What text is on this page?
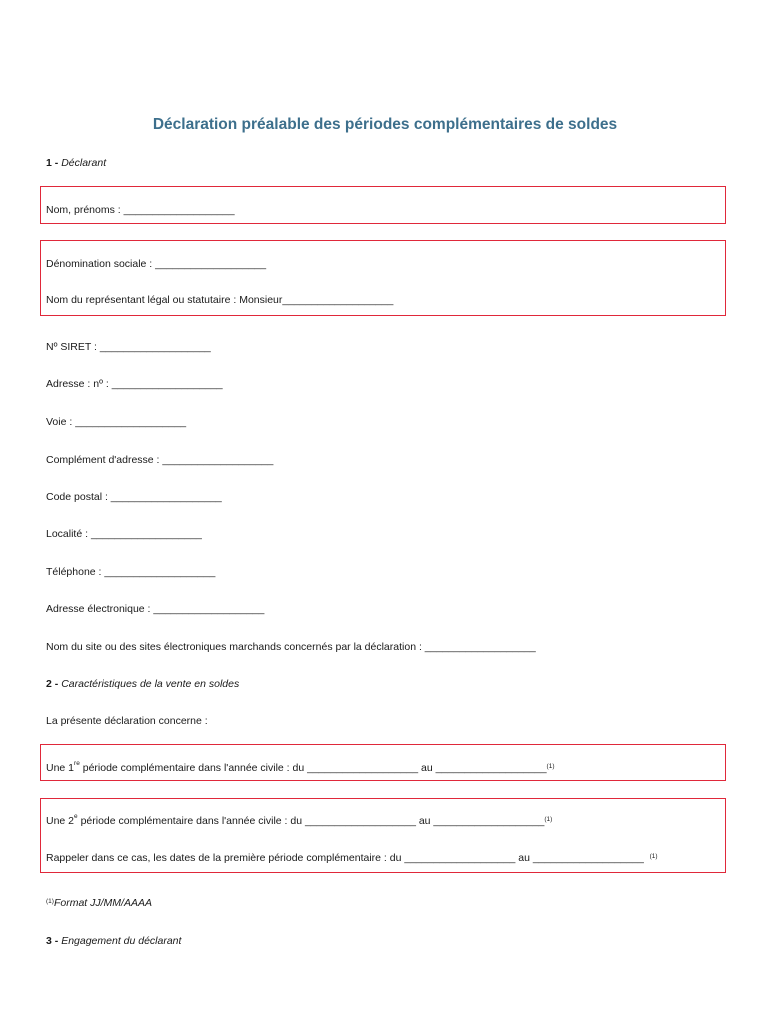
Déclaration préalable des périodes complémentaires de soldes
1 - Déclarant
Nom, prénoms : ___________________
Dénomination sociale : ___________________
Nom du représentant légal ou statutaire : Monsieur___________________
Nº SIRET : ___________________
Adresse : nº : ___________________
Voie : ___________________
Complément d'adresse : ___________________
Code postal : ___________________
Localité : ___________________
Téléphone : ___________________
Adresse électronique : ___________________
Nom du site ou des sites électroniques marchands concernés par la déclaration : ___________________
2 - Caractéristiques de la vente en soldes
La présente déclaration concerne :
Une 1re période complémentaire dans l'année civile : du ___________________ au ___________________$^{(1)}$
Une 2e période complémentaire dans l'année civile : du ___________________ au ___________________$^{(1)}$
Rappeler dans ce cas, les dates de la première période complémentaire : du ___________________ au ___________________ $^{(1)}$
$^{(1)}$Format JJ/MM/AAAA
3 - Engagement du déclarant
